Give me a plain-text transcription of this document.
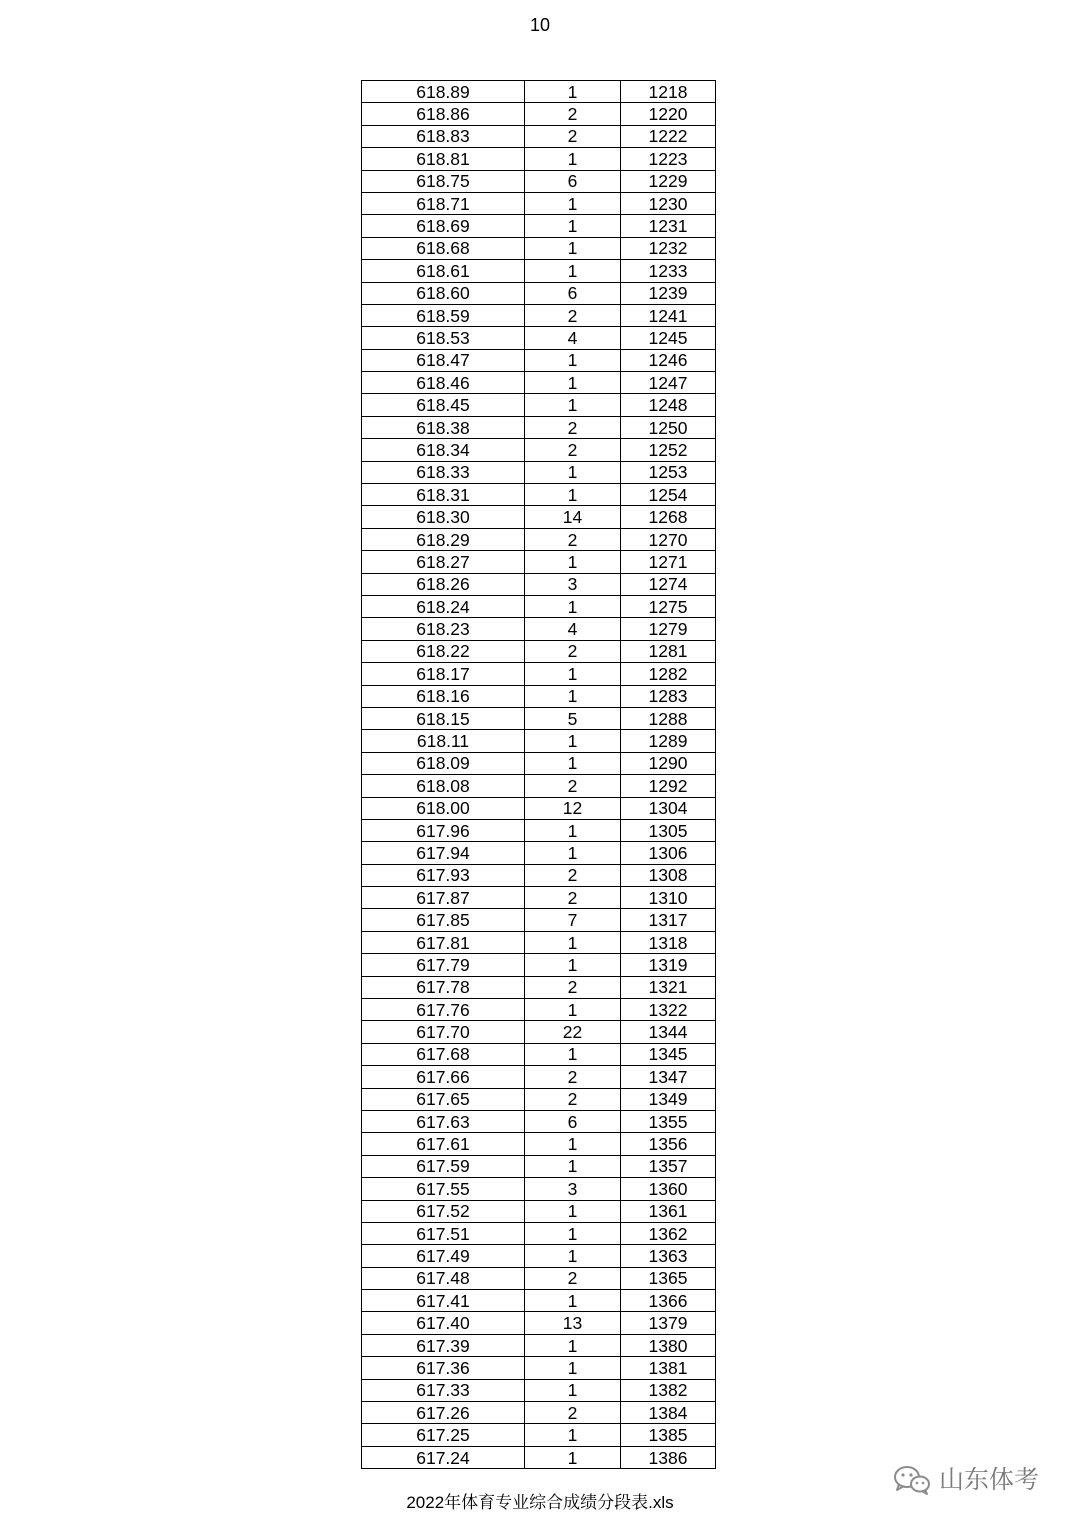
10
618.89	1	1218
618.86	2	1220
618.83	2	1222
618.81	1	1223
618.75	6	1229
618.71	1	1230
618.69	1	1231
618.68	1	1232
618.61	1	1233
618.60	6	1239
618.59	2	1241
618.53	4	1245
618.47	1	1246
618.46	1	1247
618.45	1	1248
618.38	2	1250
618.34	2	1252
618.33	1	1253
618.31	1	1254
618.30	14	1268
618.29	2	1270
618.27	1	1271
618.26	3	1274
618.24	1	1275
618.23	4	1279
618.22	2	1281
618.17	1	1282
618.16	1	1283
618.15	5	1288
618.11	1	1289
618.09	1	1290
618.08	2	1292
618.00	12	1304
617.96	1	1305
617.94	1	1306
617.93	2	1308
617.87	2	1310
617.85	7	1317
617.81	1	1318
617.79	1	1319
617.78	2	1321
617.76	1	1322
617.70	22	1344
617.68	1	1345
617.66	2	1347
617.65	2	1349
617.63	6	1355
617.61	1	1356
617.59	1	1357
617.55	3	1360
617.52	1	1361
617.51	1	1362
617.49	1	1363
617.48	2	1365
617.41	1	1366
617.40	13	1379
617.39	1	1380
617.36	1	1381
617.33	1	1382
617.26	2	1384
617.25	1	1385
617.24	1	1386
山东体考
2022年体育专业综合成绩分段表.xls
